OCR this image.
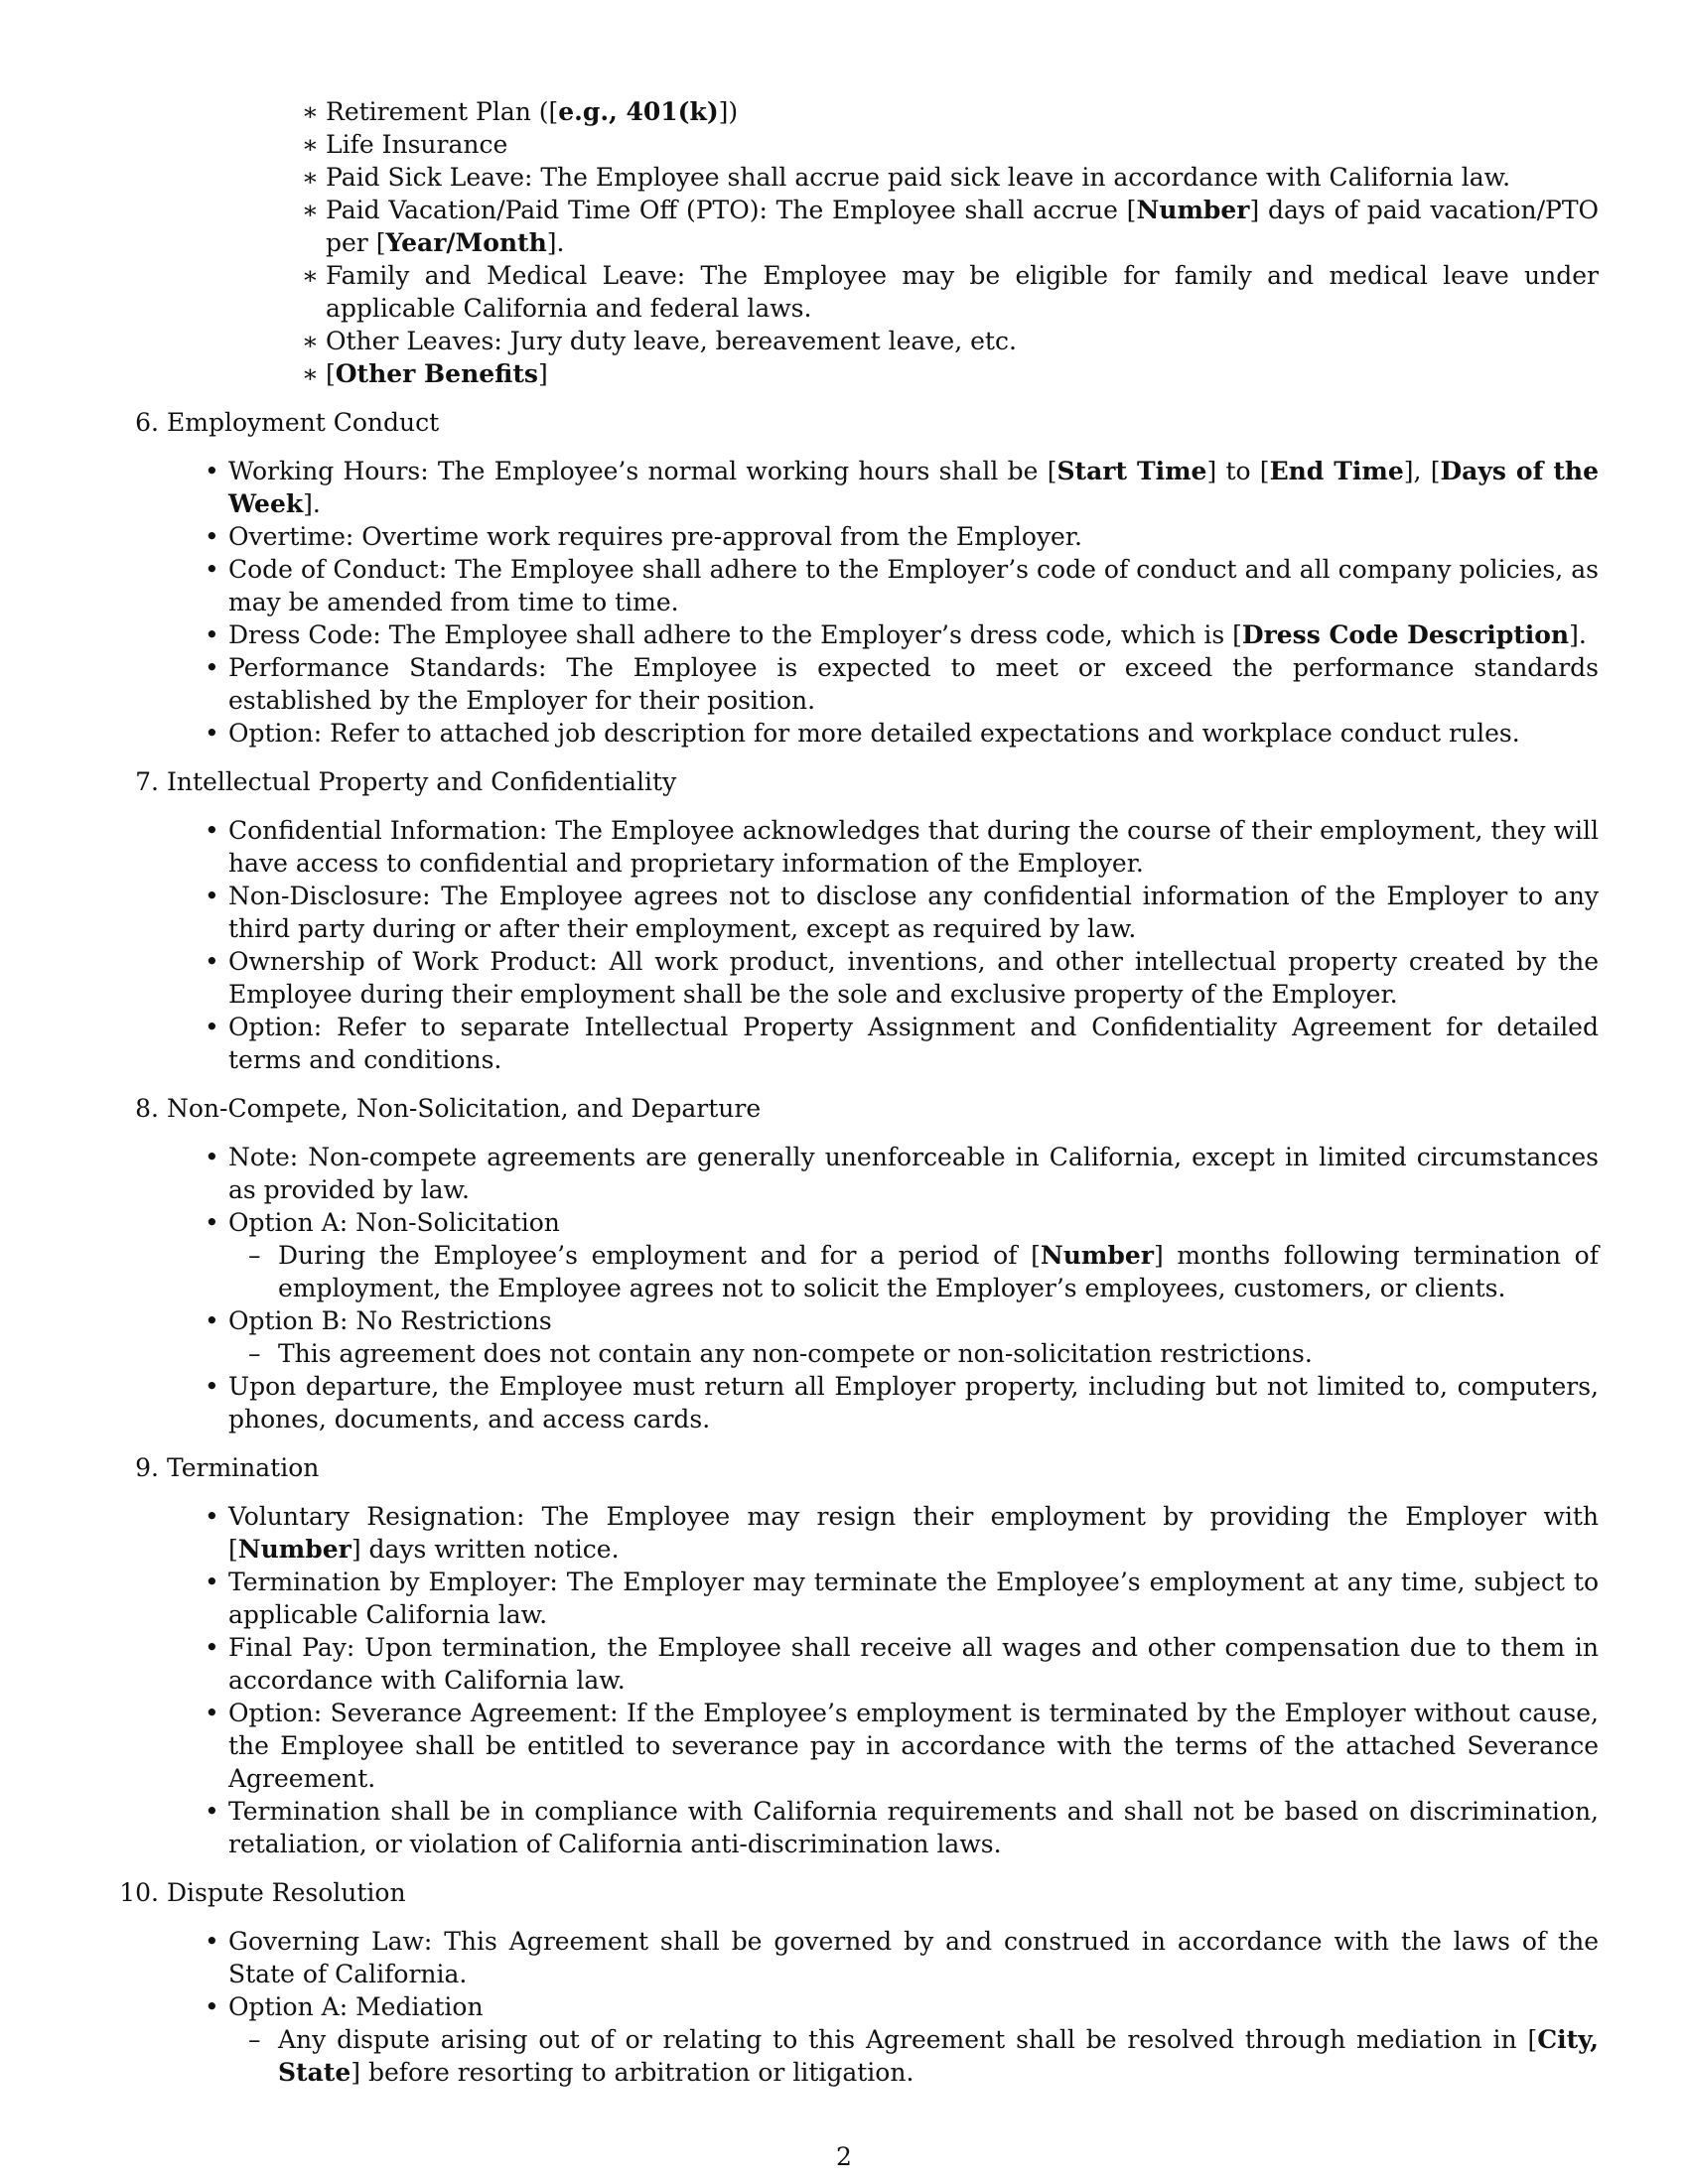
∗ Retirement Plan ([e.g., 401(k)])
∗ Life Insurance
∗ Paid Sick Leave: The Employee shall accrue paid sick leave in accordance with California law.
∗ Paid Vacation/Paid Time Off (PTO): The Employee shall accrue [Number] days of paid vacation/PTO per [Year/Month].
∗ Family and Medical Leave: The Employee may be eligible for family and medical leave under applicable California and federal laws.
∗ Other Leaves: Jury duty leave, bereavement leave, etc.
∗ [Other Benefits]
6. Employment Conduct
• Working Hours: The Employee’s normal working hours shall be [Start Time] to [End Time], [Days of the Week].
• Overtime: Overtime work requires pre-approval from the Employer.
• Code of Conduct: The Employee shall adhere to the Employer’s code of conduct and all company policies, as may be amended from time to time.
• Dress Code: The Employee shall adhere to the Employer’s dress code, which is [Dress Code Description].
• Performance Standards: The Employee is expected to meet or exceed the performance standards established by the Employer for their position.
• Option: Refer to attached job description for more detailed expectations and workplace conduct rules.
7. Intellectual Property and Confidentiality
• Confidential Information: The Employee acknowledges that during the course of their employment, they will have access to confidential and proprietary information of the Employer.
• Non-Disclosure: The Employee agrees not to disclose any confidential information of the Employer to any third party during or after their employment, except as required by law.
• Ownership of Work Product: All work product, inventions, and other intellectual property created by the Employee during their employment shall be the sole and exclusive property of the Employer.
• Option: Refer to separate Intellectual Property Assignment and Confidentiality Agreement for detailed terms and conditions.
8. Non-Compete, Non-Solicitation, and Departure
• Note: Non-compete agreements are generally unenforceable in California, except in limited circumstances as provided by law.
• Option A: Non-Solicitation
– During the Employee’s employment and for a period of [Number] months following termination of employment, the Employee agrees not to solicit the Employer’s employees, customers, or clients.
• Option B: No Restrictions
– This agreement does not contain any non-compete or non-solicitation restrictions.
• Upon departure, the Employee must return all Employer property, including but not limited to, computers, phones, documents, and access cards.
9. Termination
• Voluntary Resignation: The Employee may resign their employment by providing the Employer with [Number] days written notice.
• Termination by Employer: The Employer may terminate the Employee’s employment at any time, subject to applicable California law.
• Final Pay: Upon termination, the Employee shall receive all wages and other compensation due to them in accordance with California law.
• Option: Severance Agreement: If the Employee’s employment is terminated by the Employer without cause, the Employee shall be entitled to severance pay in accordance with the terms of the attached Severance Agreement.
• Termination shall be in compliance with California requirements and shall not be based on discrimination, retaliation, or violation of California anti-discrimination laws.
10. Dispute Resolution
• Governing Law: This Agreement shall be governed by and construed in accordance with the laws of the State of California.
• Option A: Mediation
– Any dispute arising out of or relating to this Agreement shall be resolved through mediation in [City, State] before resorting to arbitration or litigation.
2
